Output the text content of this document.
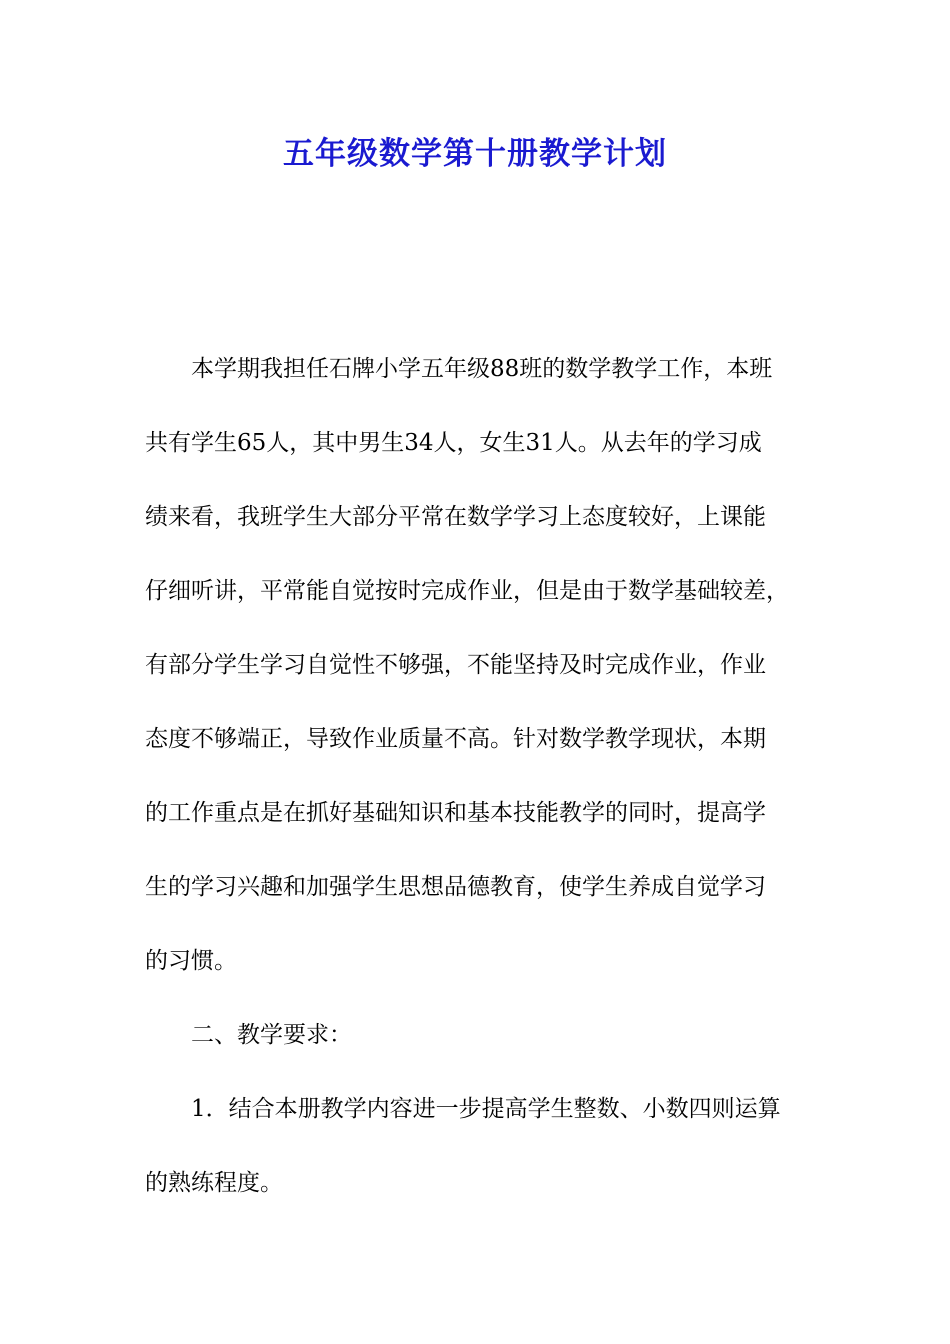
五年级数学第十册教学计划
本学期我担任石牌小学五年级88班的数学教学工作，本班
共有学生65人，其中男生34人，女生31人。从去年的学习成
绩来看，我班学生大部分平常在数学学习上态度较好，上课能
仔细听讲，平常能自觉按时完成作业，但是由于数学基础较差，
有部分学生学习自觉性不够强，不能坚持及时完成作业，作业
态度不够端正，导致作业质量不高。针对数学教学现状，本期
的工作重点是在抓好基础知识和基本技能教学的同时，提高学
生的学习兴趣和加强学生思想品德教育，使学生养成自觉学习
的习惯。
二、教学要求：
1．结合本册教学内容进一步提高学生整数、小数四则运算
的熟练程度。
